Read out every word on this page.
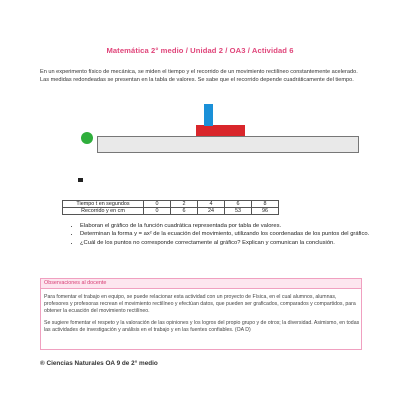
Matemática 2° medio / Unidad 2 / OA3 / Actividad 6
En un experimento físico de mecánica, se miden el tiempo y el recorrido de un movimiento rectilíneo constantemente acelerado. Las medidas redondeadas se presentan en la tabla de valores. Se sabe que el recorrido depende cuadráticamente del tiempo.
Tiempo t en segundos	0	2	4	6	8
Recorrido y en cm	0	6	24	53	96
• Elaboran el gráfico de la función cuadrática representada por tabla de valores.
• Determinan la forma y = ax² de la ecuación del movimiento, utilizando los coordenadas de los puntos del gráfico.
• ¿Cuál de los puntos no corresponde correctamente al gráfico? Explican y comunican la conclusión.
Observaciones al docente

Para fomentar el trabajo en equipo, se puede relacionar esta actividad con un proyecto de Física, en el cual alumnos, alumnas, profesores y profesoras recrean el movimiento rectilíneo y efectúan datos, que pueden ser graficados, comparados y compartidos, para obtener la ecuación del movimiento rectilíneo.

Se sugiere fomentar el respeto y la valoración de las opiniones y los logros del propio grupo y de otros; la diversidad. Asimismo, en todas las actividades de investigación y análisis en el trabajo y en las fuentes confiables. (OA D)

® Ciencias Naturales OA 9 de 2° medio
